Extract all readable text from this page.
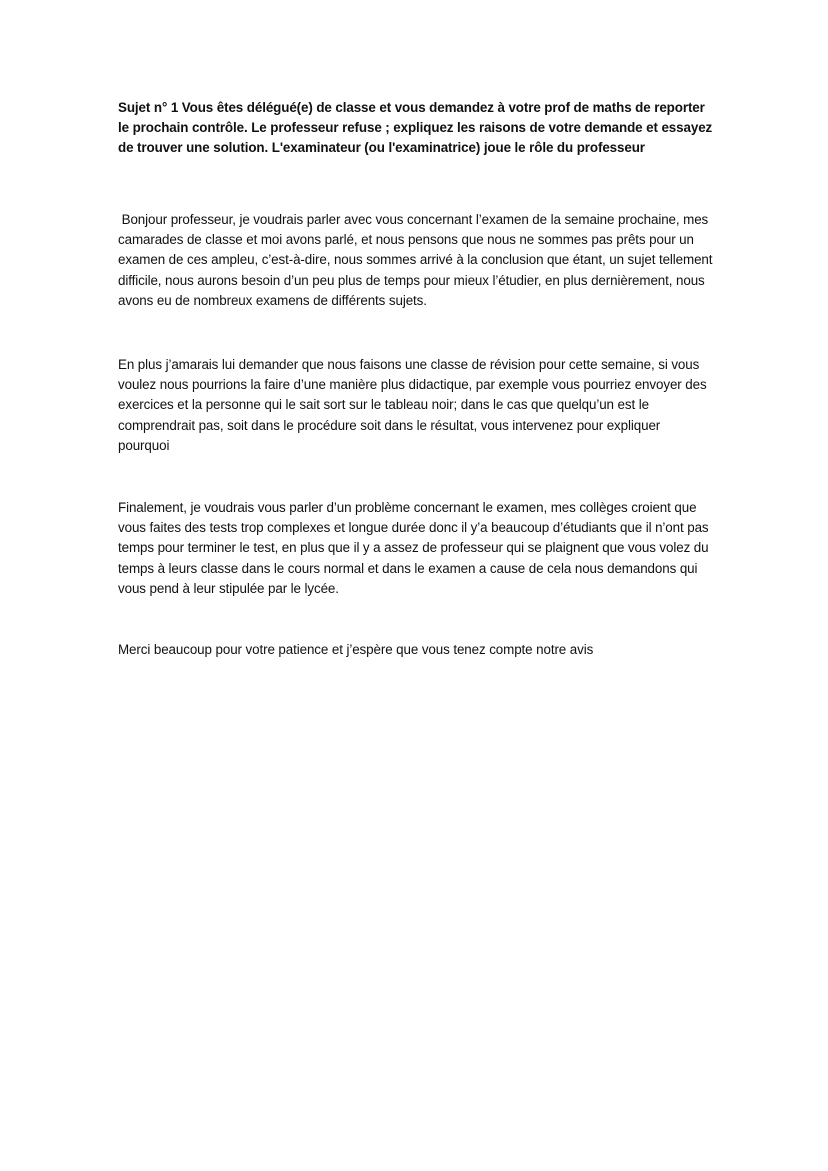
Sujet n° 1 Vous êtes délégué(e) de classe et vous demandez à votre prof de maths de reporter le prochain contrôle. Le professeur refuse ; expliquez les raisons de votre demande et essayez de trouver une solution. L'examinateur (ou l'examinatrice) joue le rôle du professeur
Bonjour professeur, je voudrais parler avec vous concernant l’examen de la semaine prochaine, mes camarades de classe et moi avons parlé, et nous pensons que nous ne sommes pas prêts pour un examen de ces ampleu, c’est-à-dire, nous sommes arrivé à la conclusion que étant, un sujet tellement difficile, nous aurons besoin d’un peu plus de temps pour mieux l’étudier, en plus dernièrement, nous avons eu de nombreux examens de différents sujets.
En plus j’amarais lui demander que nous faisons une classe de révision pour cette semaine, si vous voulez nous pourrions la faire d’une manière plus didactique, par exemple vous pourriez envoyer des exercices et la personne qui le sait sort sur le tableau noir; dans le cas que quelqu’un est le comprendrait pas, soit dans le procédure soit dans le résultat, vous intervenez pour expliquer pourquoi
Finalement, je voudrais vous parler d’un problème concernant le examen, mes collèges croient que vous faites des tests trop complexes et longue durée donc il y’a beaucoup d’étudiants que il n’ont pas temps pour terminer le test, en plus que il y a assez de professeur qui se plaignent que vous volez du temps à leurs classe dans le cours normal et dans le examen a cause de cela nous demandons qui vous pend à leur stipulée par le lycée.
Merci beaucoup pour votre patience et j’espère que vous tenez compte notre avis
